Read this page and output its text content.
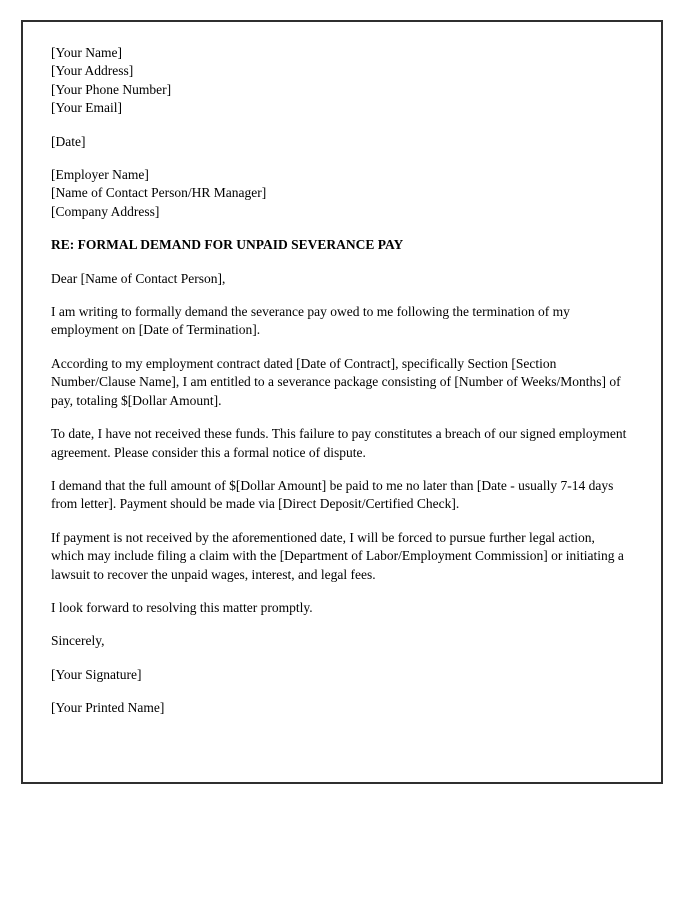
[Your Name]
[Your Address]
[Your Phone Number]
[Your Email]
[Date]
[Employer Name]
[Name of Contact Person/HR Manager]
[Company Address]

RE: FORMAL DEMAND FOR UNPAID SEVERANCE PAY

Dear [Name of Contact Person],

I am writing to formally demand the severance pay owed to me following the termination of my employment on [Date of Termination].

According to my employment contract dated [Date of Contract], specifically Section [Section Number/Clause Name], I am entitled to a severance package consisting of [Number of Weeks/Months] of pay, totaling $[Dollar Amount].

To date, I have not received these funds. This failure to pay constitutes a breach of our signed employment agreement. Please consider this a formal notice of dispute.

I demand that the full amount of $[Dollar Amount] be paid to me no later than [Date - usually 7-14 days from letter]. Payment should be made via [Direct Deposit/Certified Check].

If payment is not received by the aforementioned date, I will be forced to pursue further legal action, which may include filing a claim with the [Department of Labor/Employment Commission] or initiating a lawsuit to recover the unpaid wages, interest, and legal fees.

I look forward to resolving this matter promptly.

Sincerely,

[Your Signature]

[Your Printed Name]
